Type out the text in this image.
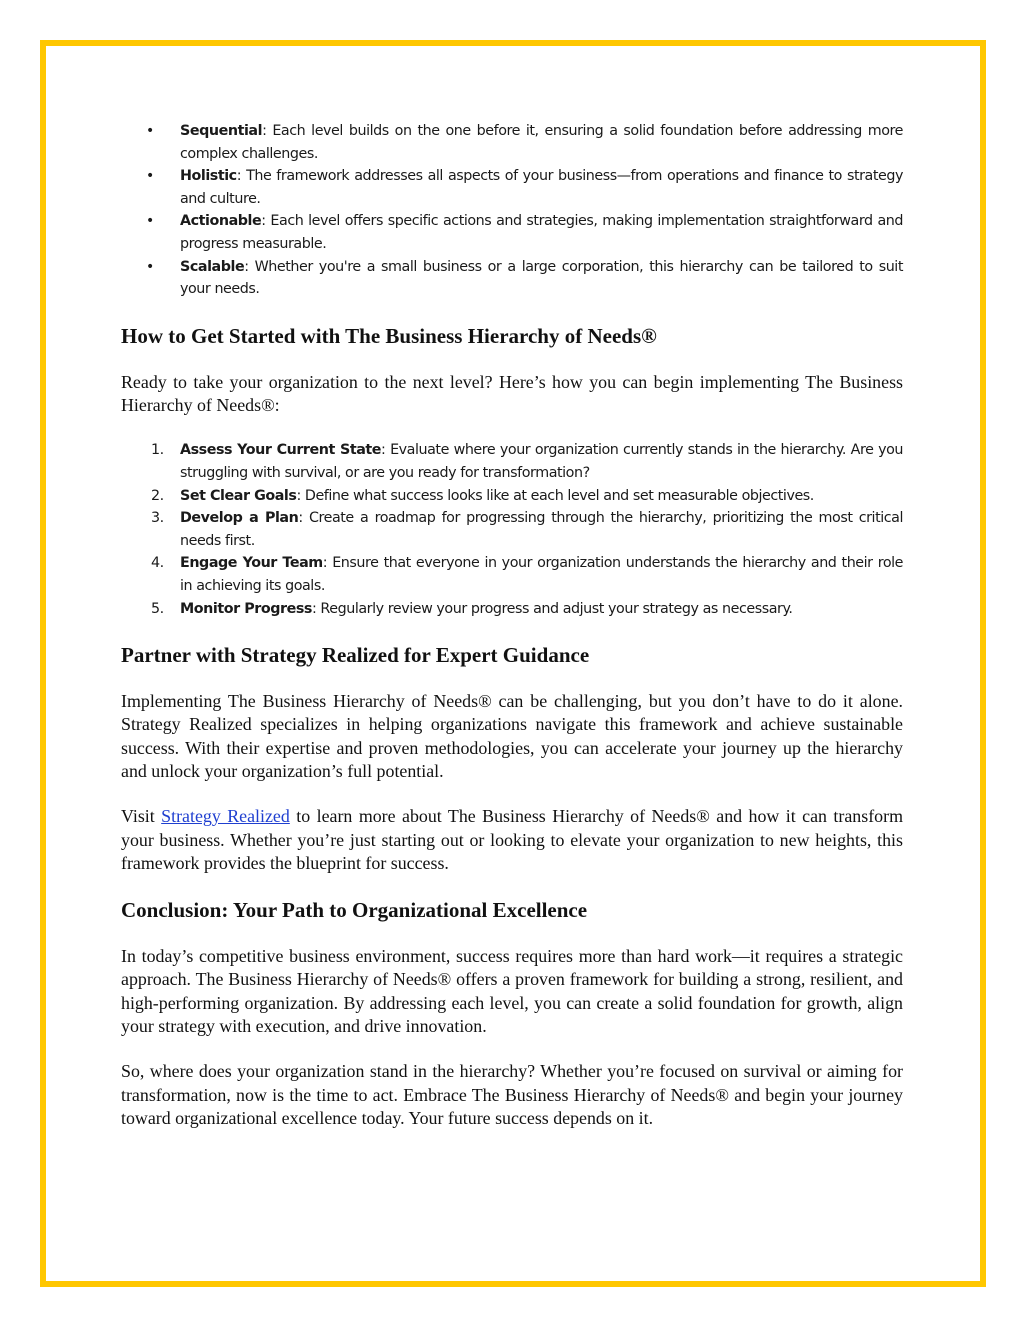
• Sequential: Each level builds on the one before it, ensuring a solid foundation before addressing more complex challenges.
• Holistic: The framework addresses all aspects of your business—from operations and finance to strategy and culture.
• Actionable: Each level offers specific actions and strategies, making implementation straightforward and progress measurable.
• Scalable: Whether you're a small business or a large corporation, this hierarchy can be tailored to suit your needs.
How to Get Started with The Business Hierarchy of Needs®

Ready to take your organization to the next level? Here’s how you can begin implementing The Business Hierarchy of Needs®:

1. Assess Your Current State: Evaluate where your organization currently stands in the hierarchy. Are you struggling with survival, or are you ready for transformation?
2. Set Clear Goals: Define what success looks like at each level and set measurable objectives.
3. Develop a Plan: Create a roadmap for progressing through the hierarchy, prioritizing the most critical needs first.
4. Engage Your Team: Ensure that everyone in your organization understands the hierarchy and their role in achieving its goals.
5. Monitor Progress: Regularly review your progress and adjust your strategy as necessary.
Partner with Strategy Realized for Expert Guidance

Implementing The Business Hierarchy of Needs® can be challenging, but you don’t have to do it alone. Strategy Realized specializes in helping organizations navigate this framework and achieve sustainable success. With their expertise and proven methodologies, you can accelerate your journey up the hierarchy and unlock your organization’s full potential.

Visit Strategy Realized to learn more about The Business Hierarchy of Needs® and how it can transform your business. Whether you’re just starting out or looking to elevate your organization to new heights, this framework provides the blueprint for success.

Conclusion: Your Path to Organizational Excellence

In today’s competitive business environment, success requires more than hard work—it requires a strategic approach. The Business Hierarchy of Needs® offers a proven framework for building a strong, resilient, and high-performing organization. By addressing each level, you can create a solid foundation for growth, align your strategy with execution, and drive innovation.

So, where does your organization stand in the hierarchy? Whether you’re focused on survival or aiming for transformation, now is the time to act. Embrace The Business Hierarchy of Needs® and begin your journey toward organizational excellence today. Your future success depends on it.
